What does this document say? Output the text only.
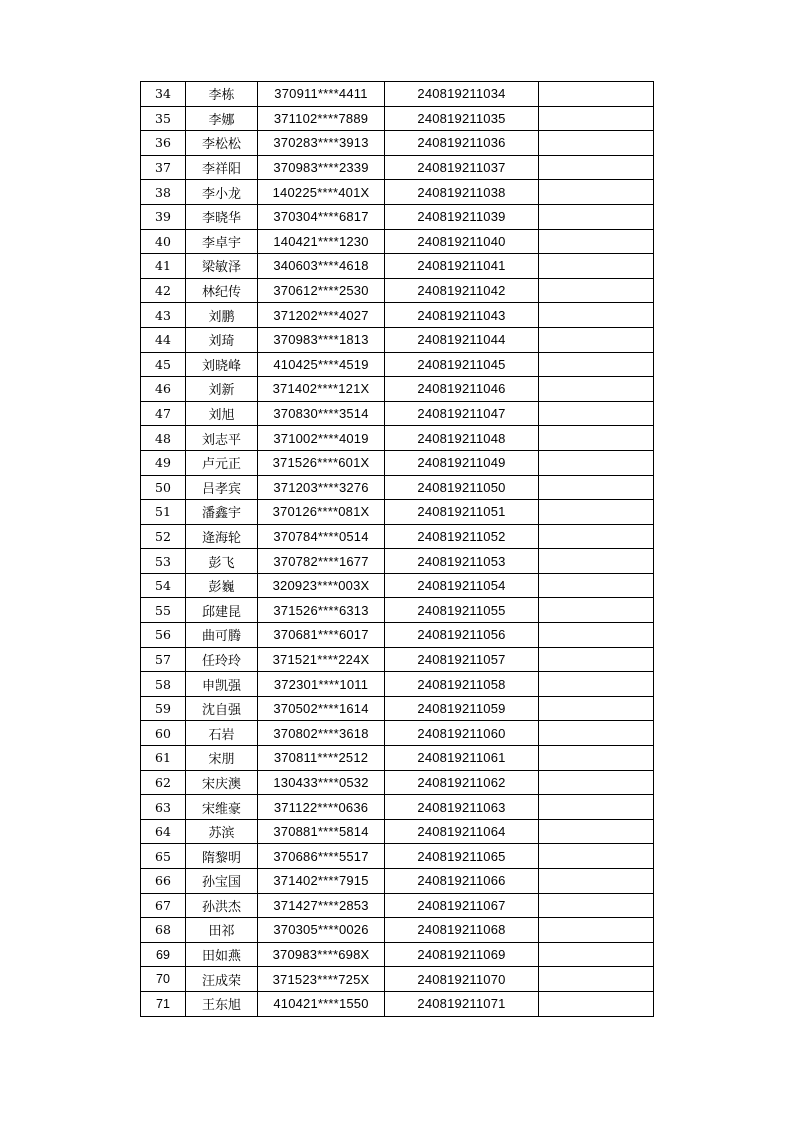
34	李栋	370911****4411	240819211034	
35	李娜	371102****7889	240819211035	
36	李松松	370283****3913	240819211036	
37	李祥阳	370983****2339	240819211037	
38	李小龙	140225****401X	240819211038	
39	李晓华	370304****6817	240819211039	
40	李卓宇	140421****1230	240819211040	
41	梁敏泽	340603****4618	240819211041	
42	林纪传	370612****2530	240819211042	
43	刘鹏	371202****4027	240819211043	
44	刘琦	370983****1813	240819211044	
45	刘晓峰	410425****4519	240819211045	
46	刘新	371402****121X	240819211046	
47	刘旭	370830****3514	240819211047	
48	刘志平	371002****4019	240819211048	
49	卢元正	371526****601X	240819211049	
50	吕孝宾	371203****3276	240819211050	
51	潘鑫宇	370126****081X	240819211051	
52	逄海轮	370784****0514	240819211052	
53	彭飞	370782****1677	240819211053	
54	彭巍	320923****003X	240819211054	
55	邱建昆	371526****6313	240819211055	
56	曲可腾	370681****6017	240819211056	
57	任玲玲	371521****224X	240819211057	
58	申凯强	372301****1011	240819211058	
59	沈自强	370502****1614	240819211059	
60	石岩	370802****3618	240819211060	
61	宋朋	370811****2512	240819211061	
62	宋庆澳	130433****0532	240819211062	
63	宋维豪	371122****0636	240819211063	
64	苏滨	370881****5814	240819211064	
65	隋黎明	370686****5517	240819211065	
66	孙宝国	371402****7915	240819211066	
67	孙洪杰	371427****2853	240819211067	
68	田祁	370305****0026	240819211068	
69	田如燕	370983****698X	240819211069	
70	汪成荣	371523****725X	240819211070	
71	王东旭	410421****1550	240819211071	
